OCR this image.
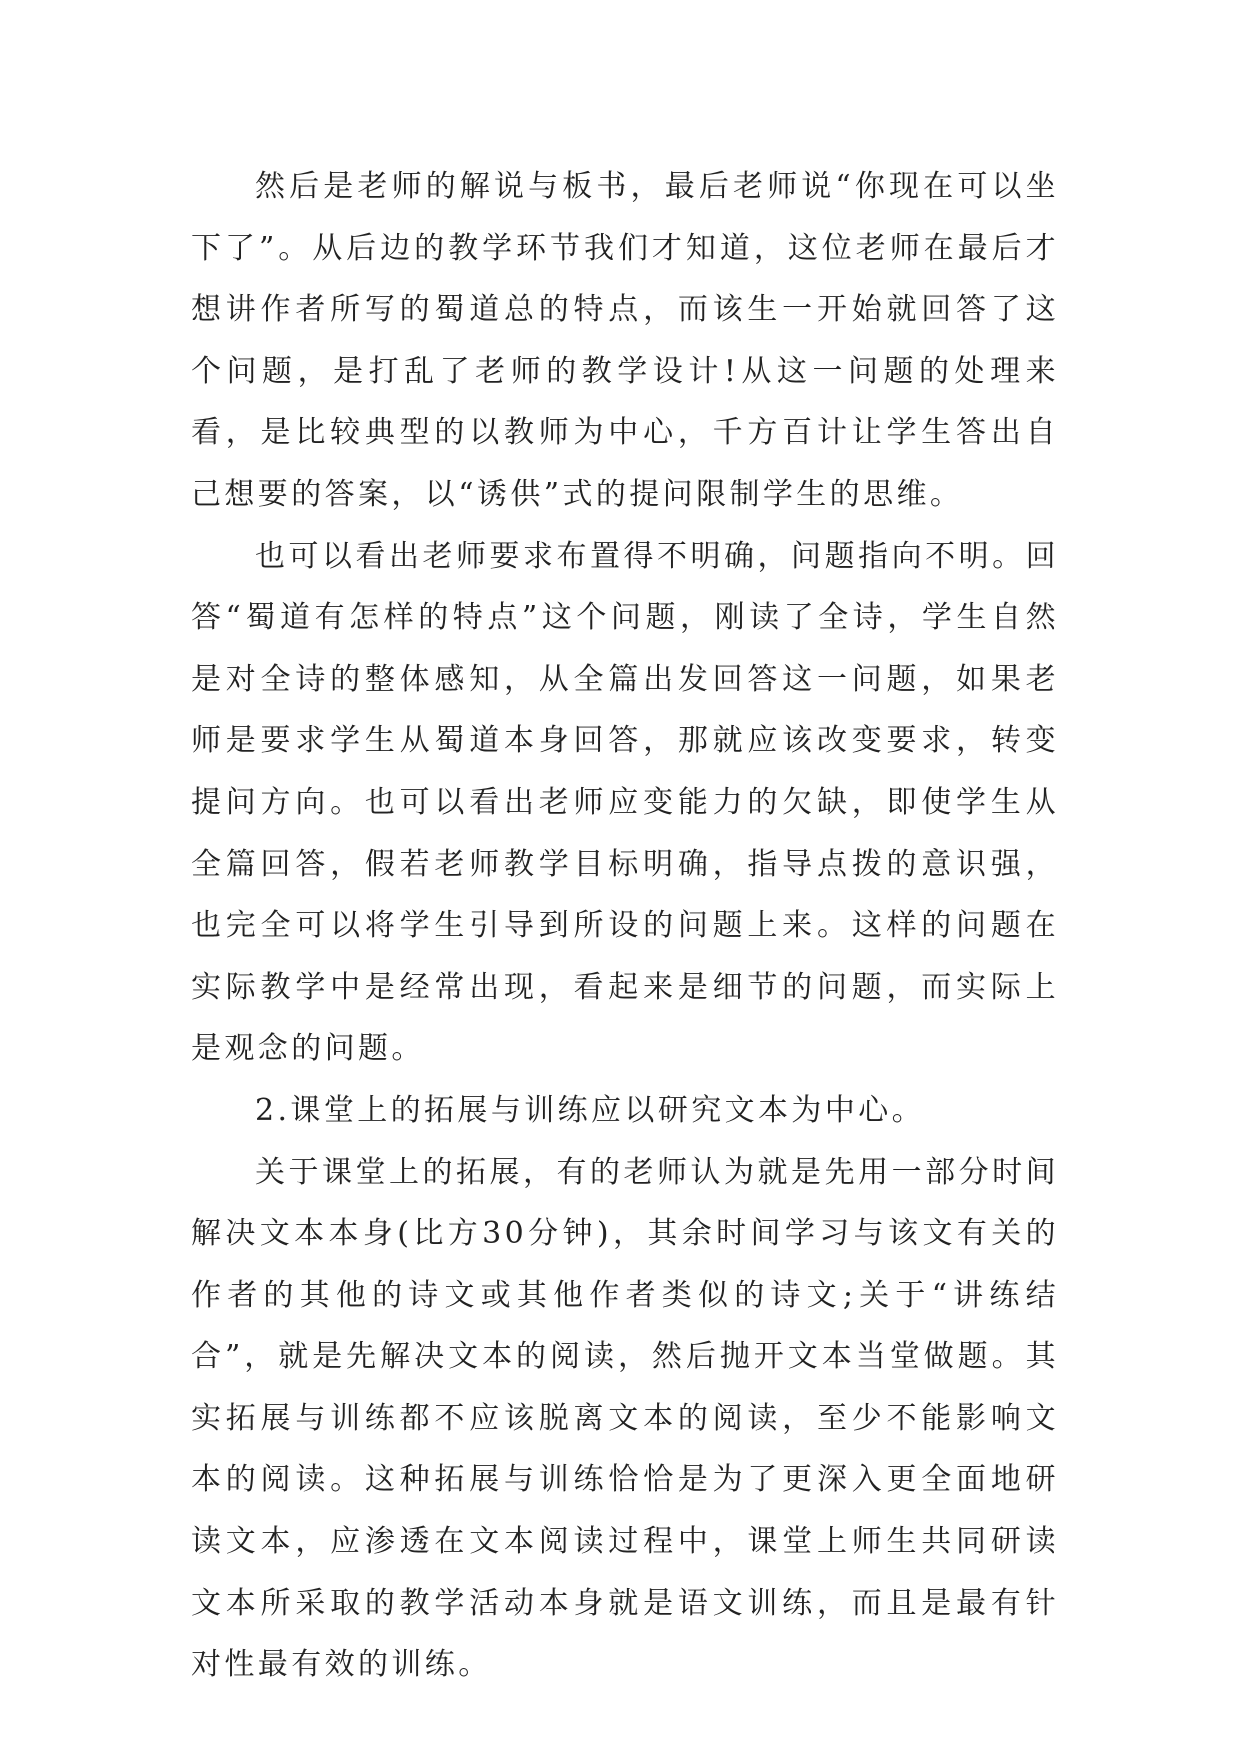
然后是老师的解说与板书，最后老师说“你现在可以坐下了”。从后边的教学环节我们才知道，这位老师在最后才想讲作者所写的蜀道总的特点，而该生一开始就回答了这个问题，是打乱了老师的教学设计!从这一问题的处理来看，是比较典型的以教师为中心，千方百计让学生答出自己想要的答案，以“诱供”式的提问限制学生的思维。

也可以看出老师要求布置得不明确，问题指向不明。回答“蜀道有怎样的特点”这个问题，刚读了全诗，学生自然是对全诗的整体感知，从全篇出发回答这一问题，如果老师是要求学生从蜀道本身回答，那就应该改变要求，转变提问方向。也可以看出老师应变能力的欠缺，即使学生从全篇回答，假若老师教学目标明确，指导点拨的意识强，也完全可以将学生引导到所设的问题上来。这样的问题在实际教学中是经常出现，看起来是细节的问题，而实际上是观念的问题。

2.课堂上的拓展与训练应以研究文本为中心。

关于课堂上的拓展，有的老师认为就是先用一部分时间解决文本本身(比方30分钟)，其余时间学习与该文有关的作者的其他的诗文或其他作者类似的诗文;关于“讲练结合”，就是先解决文本的阅读，然后抛开文本当堂做题。其实拓展与训练都不应该脱离文本的阅读，至少不能影响文本的阅读。这种拓展与训练恰恰是为了更深入更全面地研读文本，应渗透在文本阅读过程中，课堂上师生共同研读文本所采取的教学活动本身就是语文训练，而且是最有针对性最有效的训练。
